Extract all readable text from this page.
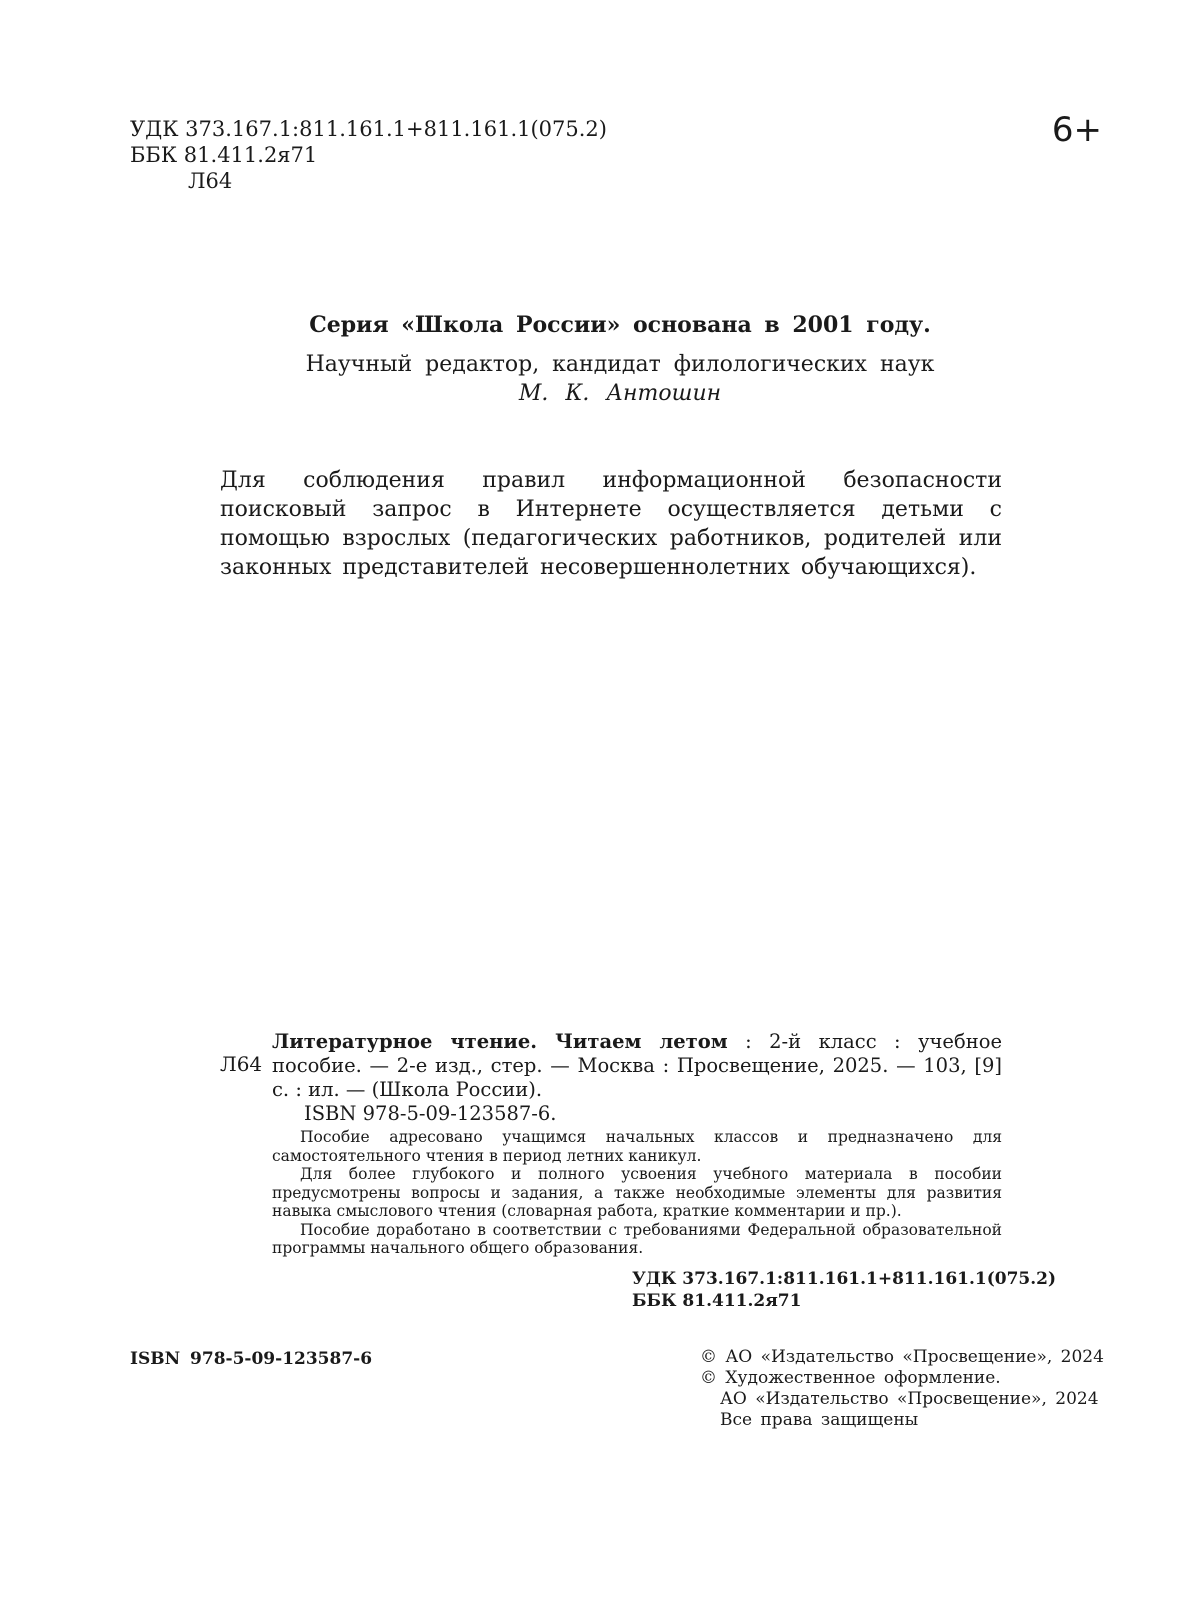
УДК 373.167.1:811.161.1+811.161.1(075.2)
ББК 81.411.2я71
Л64
6+
Серия «Школа России» основана в 2001 году.
Научный редактор, кандидат филологических наук
М. К. Антошин

Для соблюдения правил информационной безопасности поисковый запрос в Интернете осуществляется детьми с помощью взрослых (педагогических работников, родителей или законных представителей несовершеннолетних обучающихся).

Л64
Литературное чтение. Читаем летом : 2-й класс : учебное пособие. — 2-е изд., стер. — Москва : Просвещение, 2025. — 103, [9] с. : ил. — (Школа России).
ISBN 978-5-09-123587-6.

Пособие адресовано учащимся начальных классов и предназначено для самостоятельного чтения в период летних каникул.

Для более глубокого и полного усвоения учебного материала в пособии предусмотрены вопросы и задания, а также необходимые элементы для развития навыка смыслового чтения (словарная работа, краткие комментарии и пр.).

Пособие доработано в соответствии с требованиями Федеральной образовательной программы начального общего образования.

УДК 373.167.1:811.161.1+811.161.1(075.2)
ББК 81.411.2я71
ISBN 978-5-09-123587-6	© АО «Издательство «Просвещение», 2024
© Художественное оформление.
АО «Издательство «Просвещение», 2024
Все права защищены
